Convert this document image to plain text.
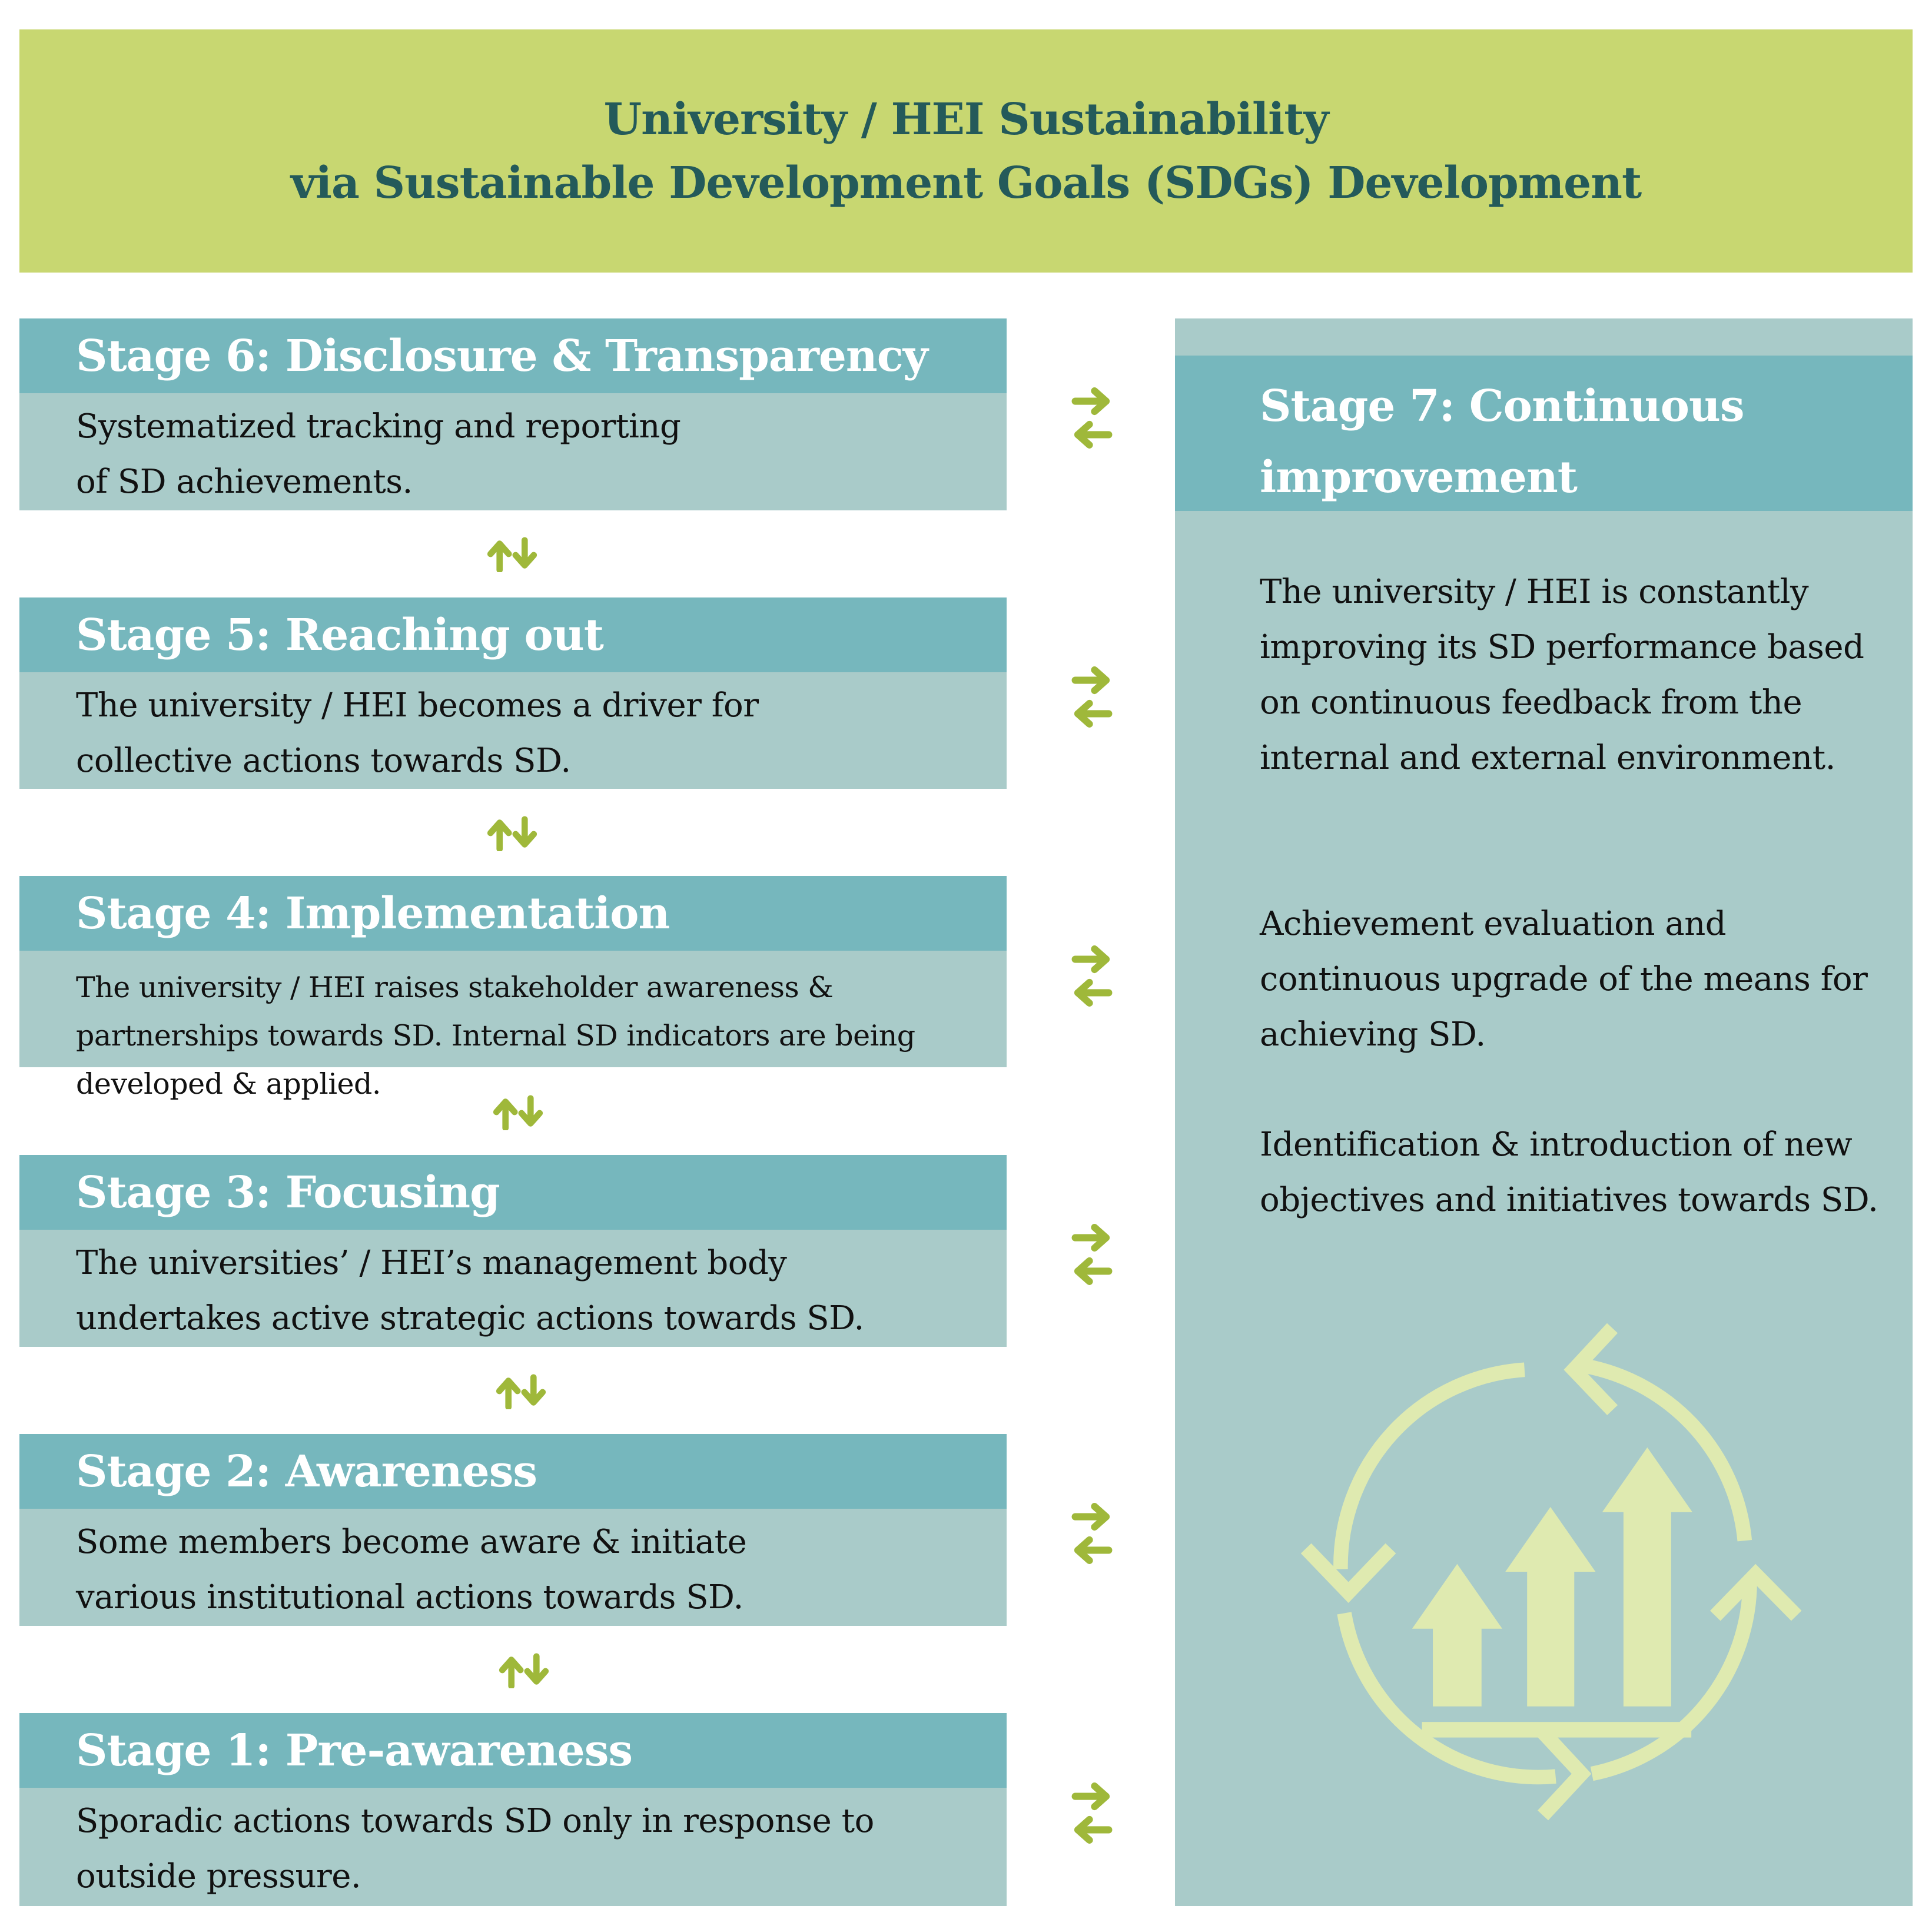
University / HEI Sustainability
via Sustainable Development Goals (SDGs) Development
Stage 6: Disclosure & Transparency
Systematized tracking and reporting of SD achievements.
Stage 5: Reaching out
The university / HEI becomes a driver for collective actions towards SD.
Stage 4: Implementation
The university / HEI raises stakeholder awareness & partnerships towards SD. Internal SD indicators are being developed & applied.
Stage 3: Focusing
The universities’ / HEI’s management body undertakes active strategic actions towards SD.
Stage 2: Awareness
Some members become aware & initiate various institutional actions towards SD.
Stage 1: Pre-awareness
Sporadic actions towards SD only in response to outside pressure.
Stage 7: Continuous
improvement
The university / HEI is constantly improving its SD performance based on continuous feedback from the internal and external environment.
Achievement evaluation and continuous upgrade of the means for achieving SD.
Identification & introduction of new objectives and initiatives towards SD.
